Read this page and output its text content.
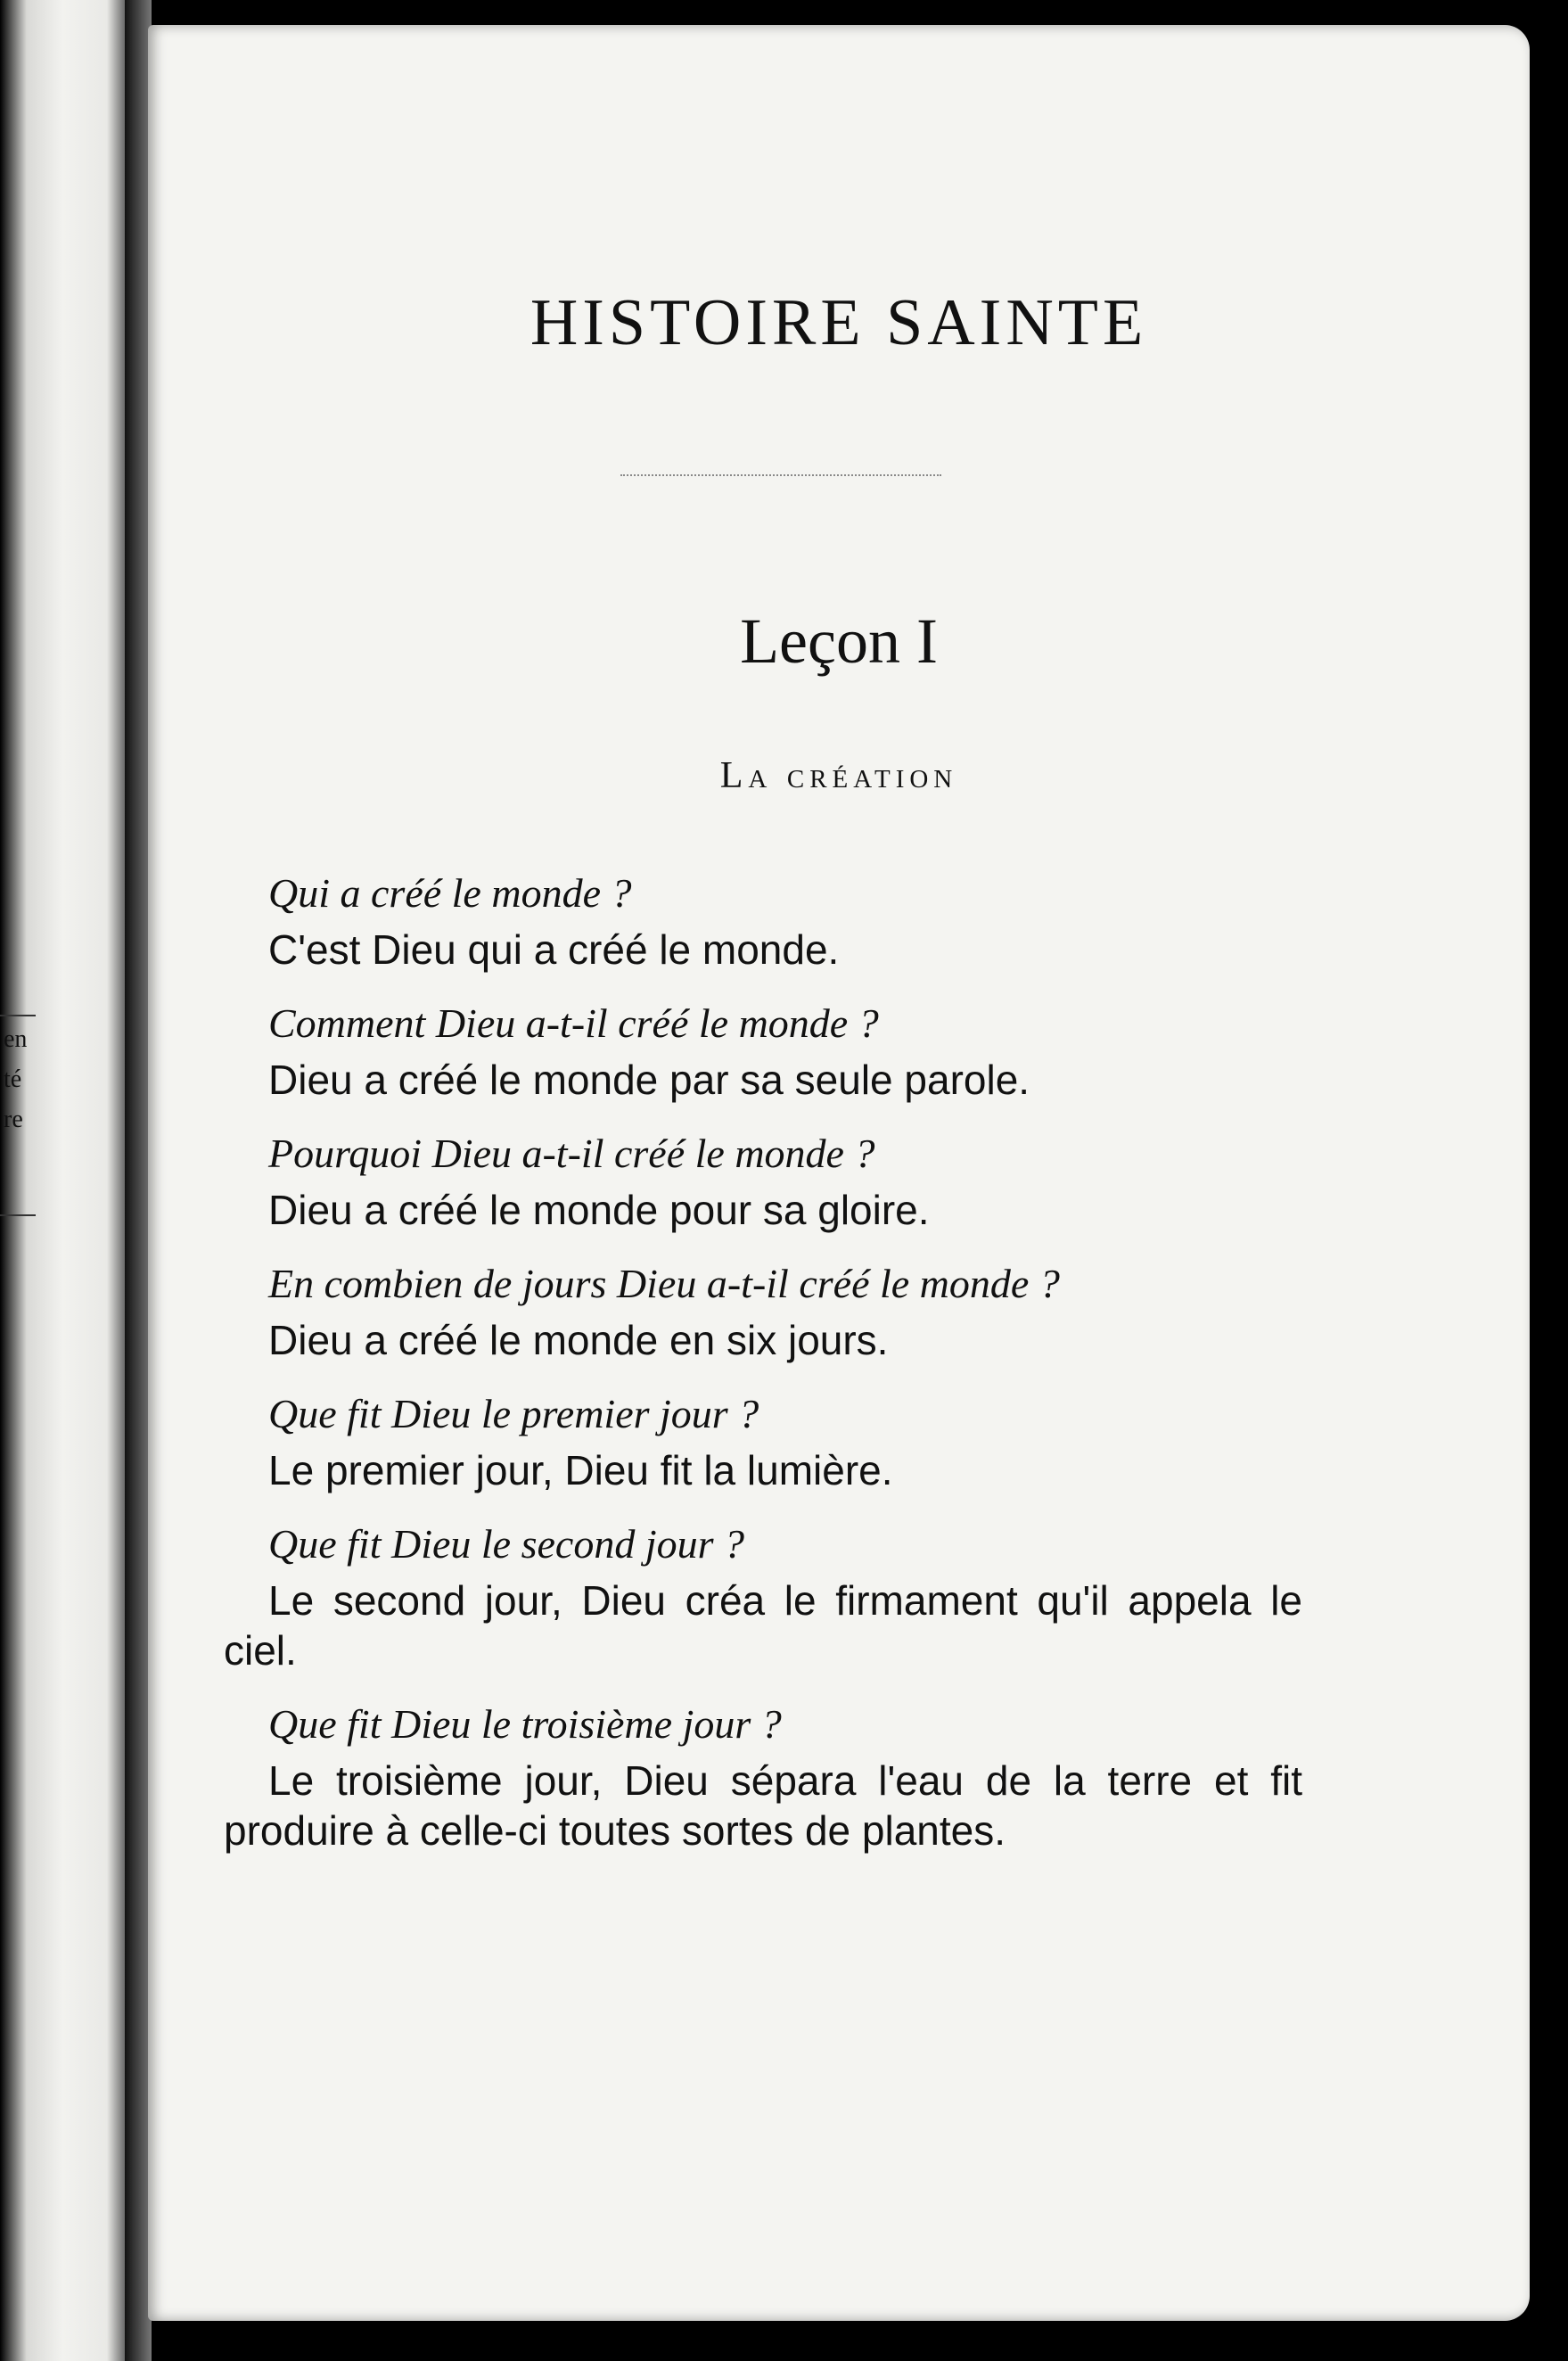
en
té
re
HISTOIRE SAINTE
Leçon I
La création

Qui a créé le monde ?

C'est Dieu qui a créé le monde.

Comment Dieu a-t-il créé le monde ?

Dieu a créé le monde par sa seule parole.

Pourquoi Dieu a-t-il créé le monde ?

Dieu a créé le monde pour sa gloire.

En combien de jours Dieu a-t-il créé le monde ?

Dieu a créé le monde en six jours.

Que fit Dieu le premier jour ?

Le premier jour, Dieu fit la lumière.

Que fit Dieu le second jour ?

Le second jour, Dieu créa le firmament qu'il appela le ciel.

Que fit Dieu le troisième jour ?

Le troisième jour, Dieu sépara l'eau de la terre et fit produire à celle-ci toutes sortes de plantes.
